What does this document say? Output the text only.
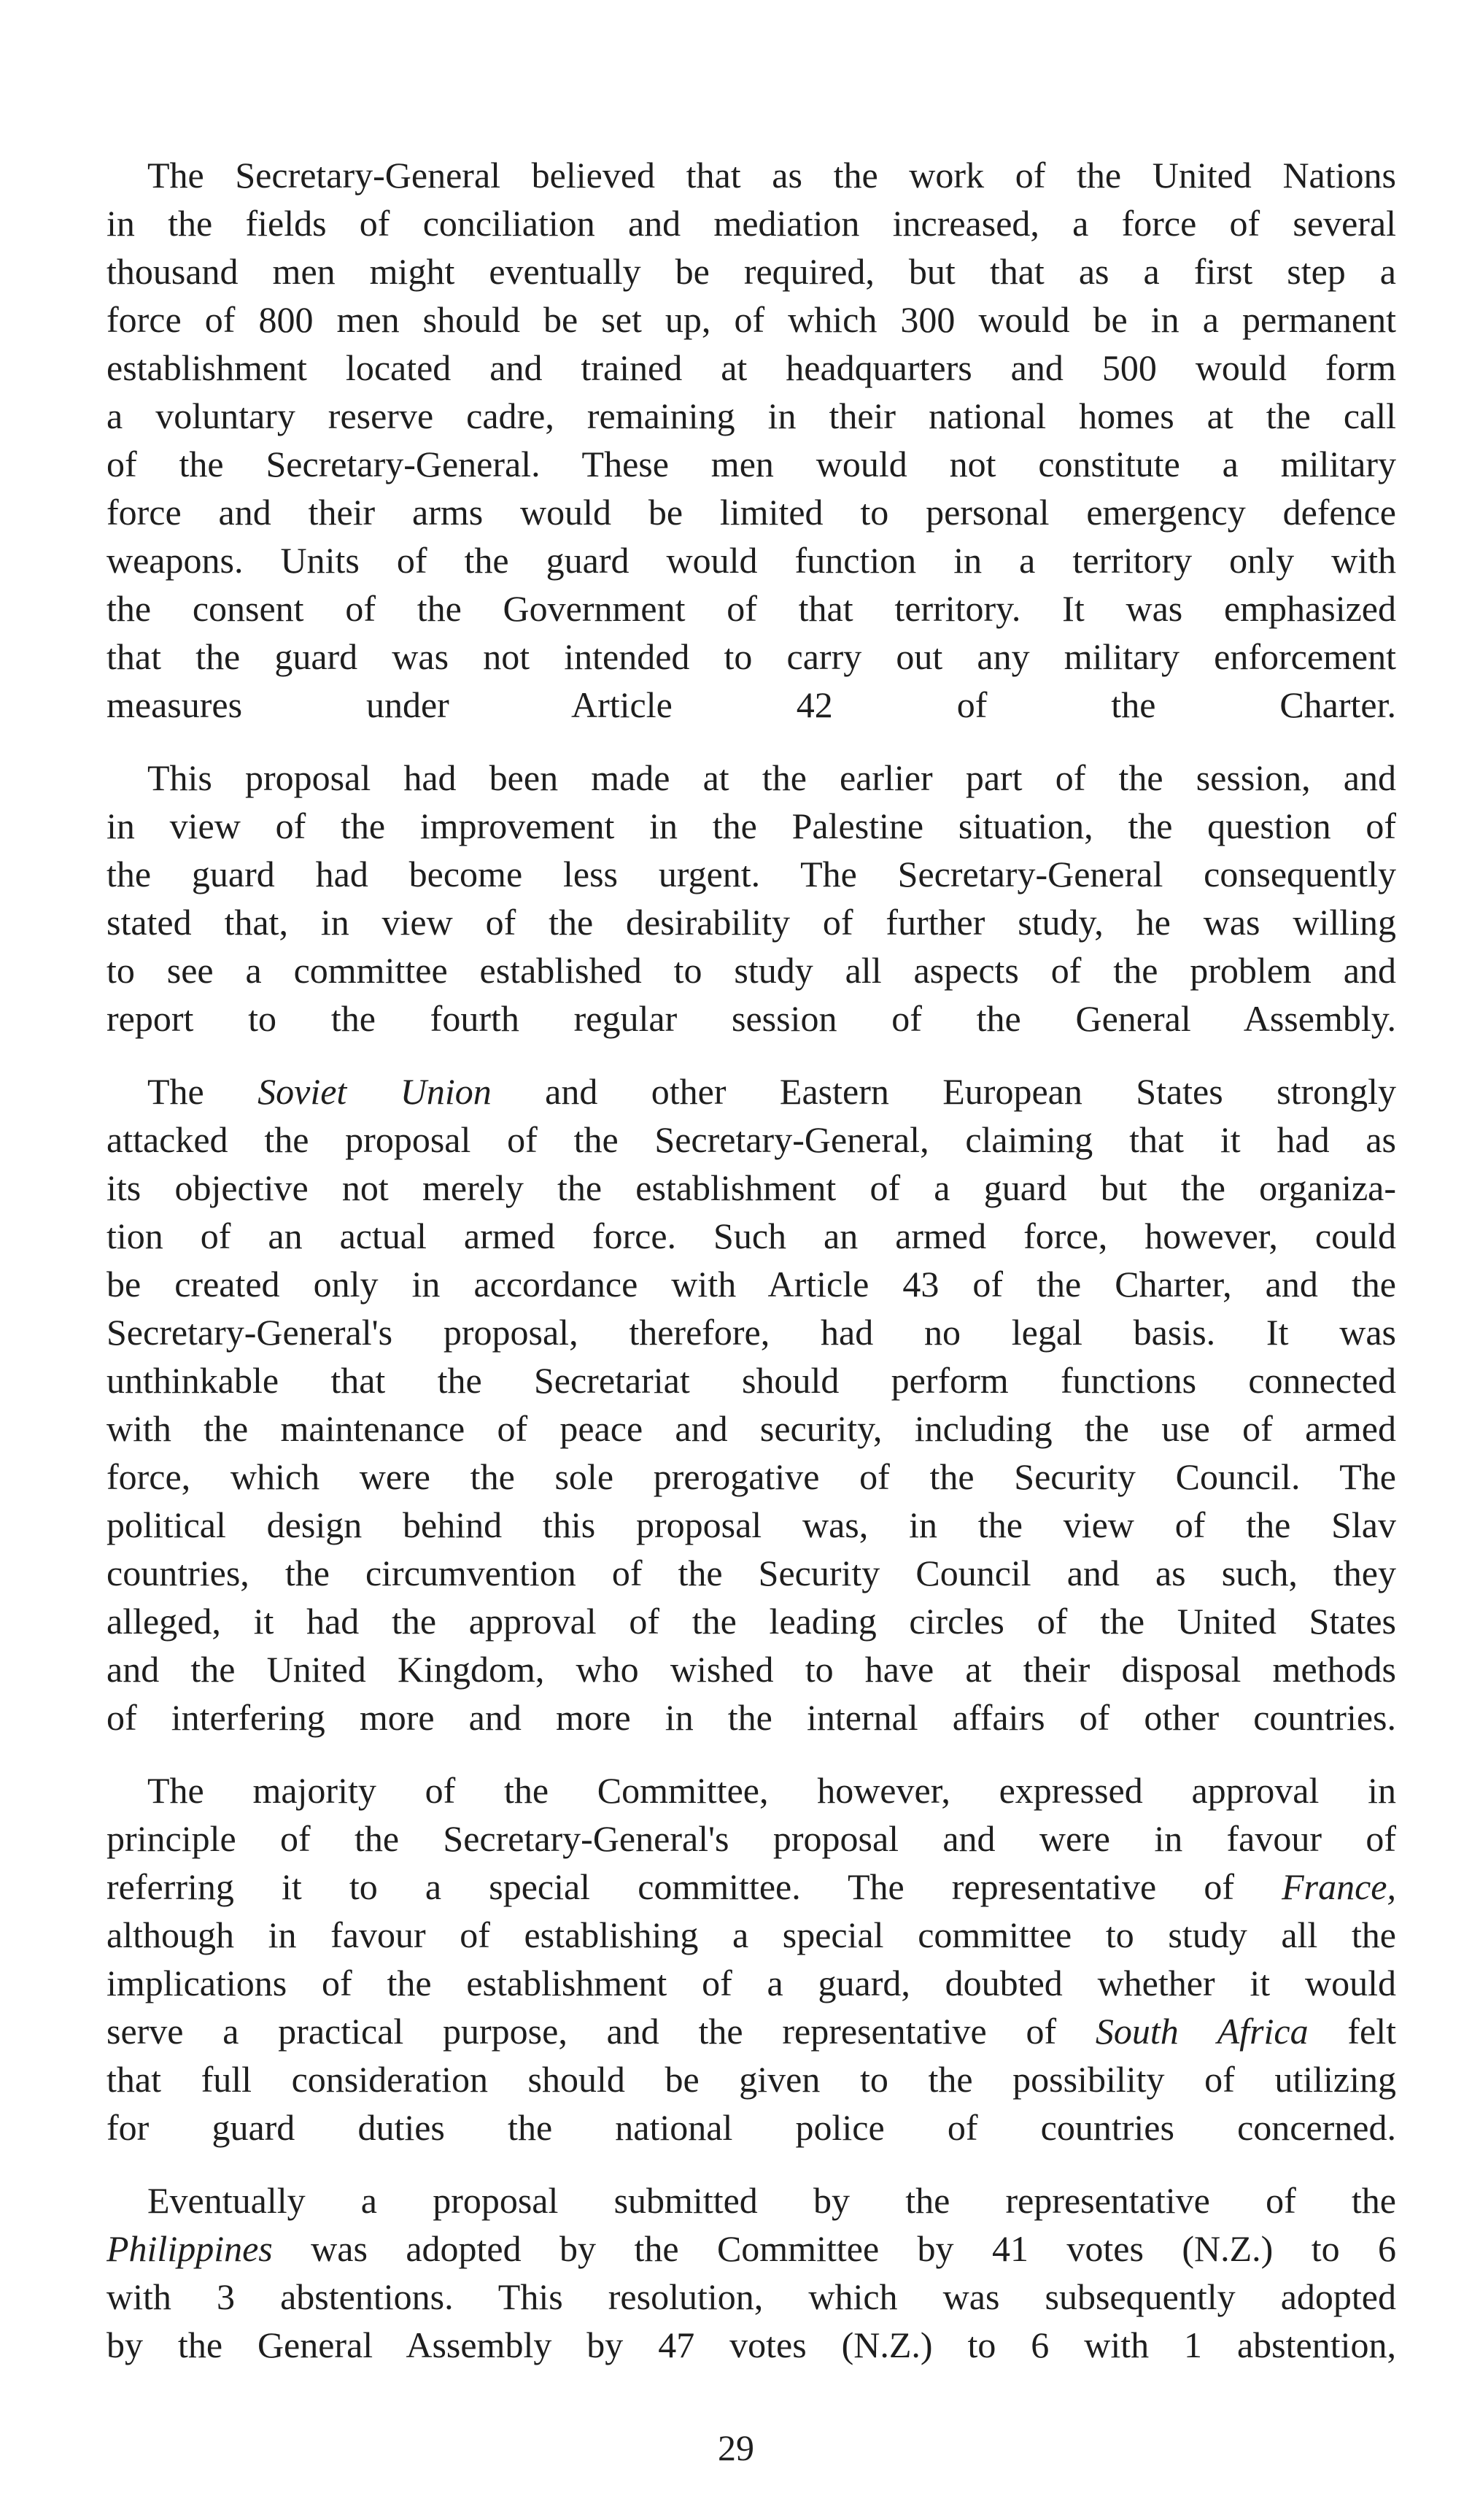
The Secretary-General believed that as the work of the United Nations
in the fields of conciliation and mediation increased, a force of several
thousand men might eventually be required, but that as a first step a
force of 800 men should be set up, of which 300 would be in a permanent
establishment located and trained at headquarters and 500 would form
a voluntary reserve cadre, remaining in their national homes at the call
of the Secretary-General. These men would not constitute a military
force and their arms would be limited to personal emergency defence
weapons. Units of the guard would function in a territory only with
the consent of the Government of that territory. It was emphasized
that the guard was not intended to carry out any military enforcement
measures under Article 42 of the Charter.
This proposal had been made at the earlier part of the session, and
in view of the improvement in the Palestine situation, the question of
the guard had become less urgent. The Secretary-General consequently
stated that, in view of the desirability of further study, he was willing
to see a committee established to study all aspects of the problem and
report to the fourth regular session of the General Assembly.
The Soviet Union and other Eastern European States strongly
attacked the proposal of the Secretary-General, claiming that it had as
its objective not merely the establishment of a guard but the organiza-
tion of an actual armed force. Such an armed force, however, could
be created only in accordance with Article 43 of the Charter, and the
Secretary-General's proposal, therefore, had no legal basis. It was
unthinkable that the Secretariat should perform functions connected
with the maintenance of peace and security, including the use of armed
force, which were the sole prerogative of the Security Council. The
political design behind this proposal was, in the view of the Slav
countries, the circumvention of the Security Council and as such, they
alleged, it had the approval of the leading circles of the United States
and the United Kingdom, who wished to have at their disposal methods
of interfering more and more in the internal affairs of other countries.
The majority of the Committee, however, expressed approval in
principle of the Secretary-General's proposal and were in favour of
referring it to a special committee. The representative of France,
although in favour of establishing a special committee to study all the
implications of the establishment of a guard, doubted whether it would
serve a practical purpose, and the representative of South Africa felt
that full consideration should be given to the possibility of utilizing
for guard duties the national police of countries concerned.
Eventually a proposal submitted by the representative of the
Philippines was adopted by the Committee by 41 votes (N.Z.) to 6
with 3 abstentions. This resolution, which was subsequently adopted
by the General Assembly by 47 votes (N.Z.) to 6 with 1 abstention,
29
